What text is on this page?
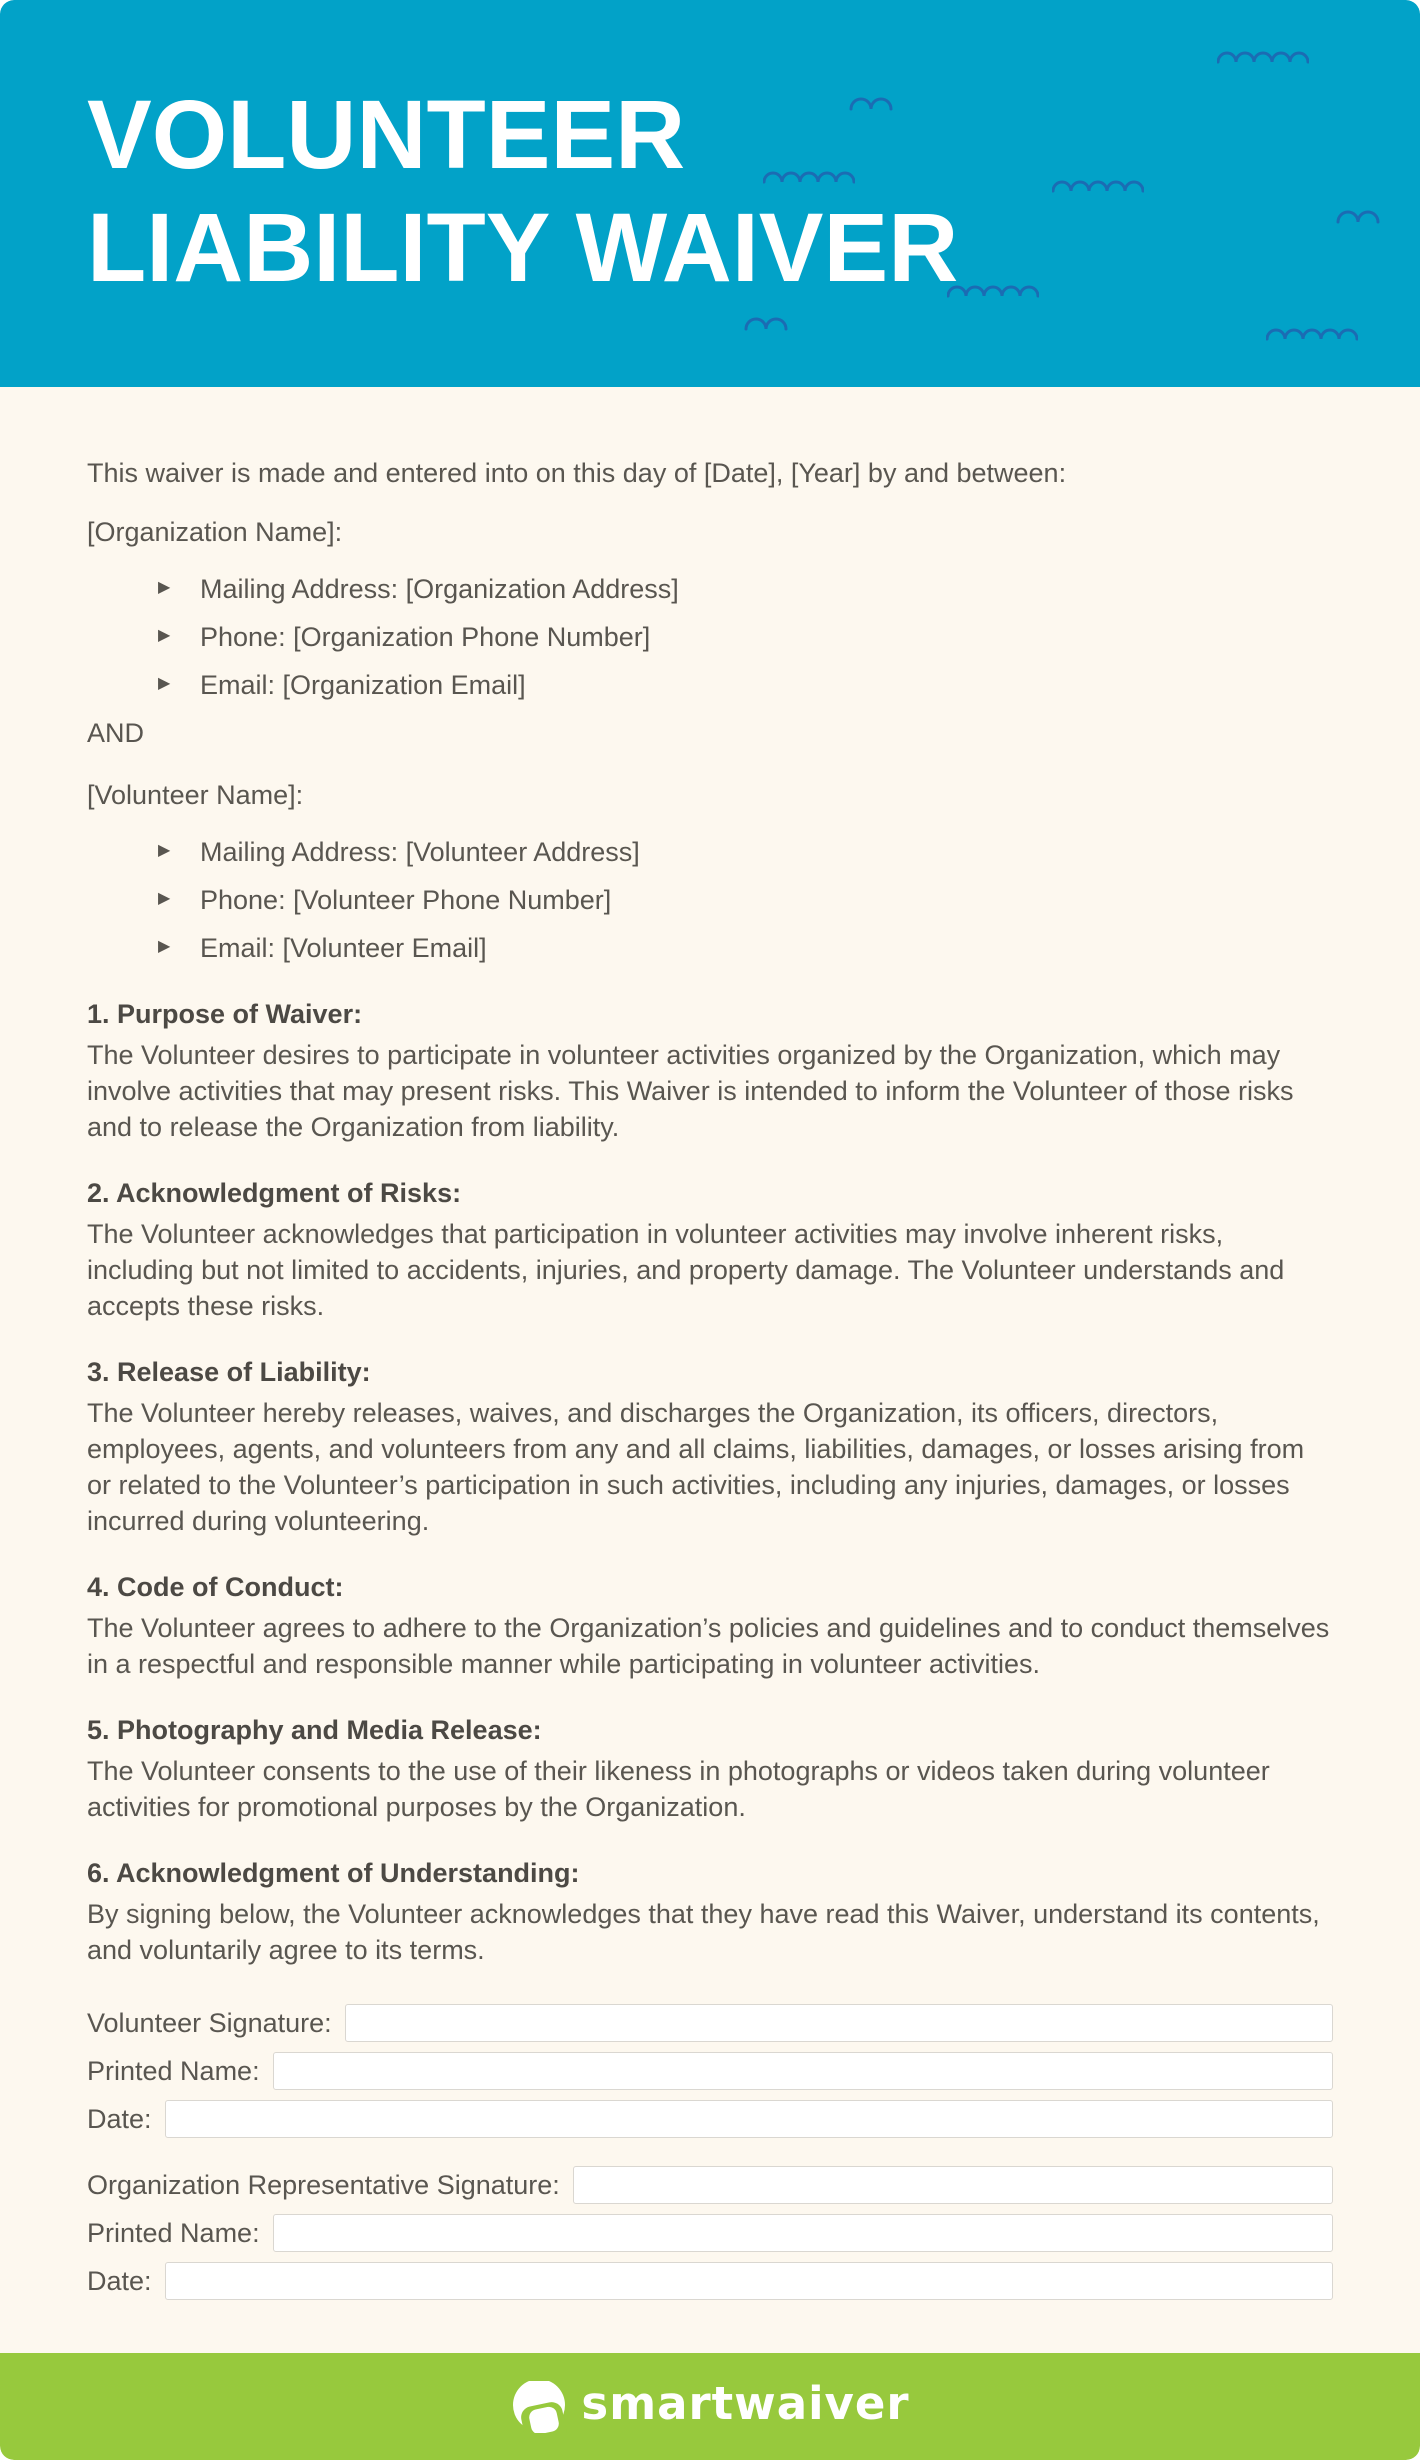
VOLUNTEER
LIABILITY WAIVER

This waiver is made and entered into on this day of [Date], [Year] by and between:

[Organization Name]:

▶ Mailing Address: [Organization Address]
▶ Phone: [Organization Phone Number]
▶ Email: [Organization Email]

AND

[Volunteer Name]:

▶ Mailing Address: [Volunteer Address]
▶ Phone: [Volunteer Phone Number]
▶ Email: [Volunteer Email]
1. Purpose of Waiver:

The Volunteer desires to participate in volunteer activities organized by the Organization, which may involve activities that may present risks. This Waiver is intended to inform the Volunteer of those risks and to release the Organization from liability.

2. Acknowledgment of Risks:

The Volunteer acknowledges that participation in volunteer activities may involve inherent risks, including but not limited to accidents, injuries, and property damage. The Volunteer understands and accepts these risks.

3. Release of Liability:

The Volunteer hereby releases, waives, and discharges the Organization, its officers, directors, employees, agents, and volunteers from any and all claims, liabilities, damages, or losses arising from or related to the Volunteer’s participation in such activities, including any injuries, damages, or losses incurred during volunteering.

4. Code of Conduct:

The Volunteer agrees to adhere to the Organization’s policies and guidelines and to conduct themselves in a respectful and responsible manner while participating in volunteer activities.

5. Photography and Media Release:

The Volunteer consents to the use of their likeness in photographs or videos taken during volunteer activities for promotional purposes by the Organization.

6. Acknowledgment of Understanding:

By signing below, the Volunteer acknowledges that they have read this Waiver, understand its contents, and voluntarily agree to its terms.

Volunteer Signature:
Printed Name:
Date:
Organization Representative Signature:
Printed Name:
Date:
smartwaiver
